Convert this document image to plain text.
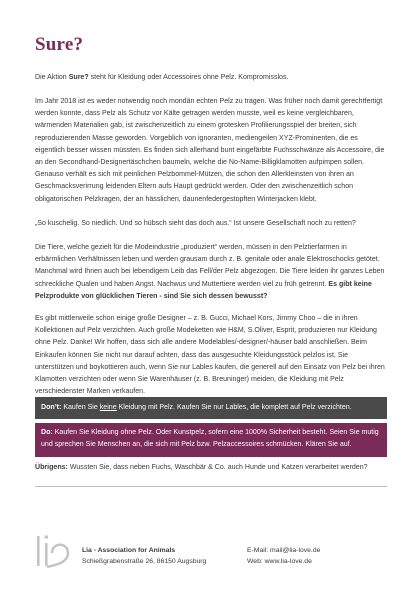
Sure?

Die Aktion Sure? steht für Kleidung oder Accessoires ohne Pelz. Kompromisslos.

Im Jahr 2018 ist es weder notwendig noch mondän echten Pelz zu tragen. Was früher noch damit gerechtfertigt werden konnte, dass Pelz als Schutz vor Kälte getragen werden musste, weil es keine vergleichbaren, wärmenden Materialien gab, ist zwischenzeitlich zu einem grotesken Profilierungsspiel der breiten, sich reproduzierenden Masse geworden. Vorgeblich von ignoranten, mediengeilen XYZ-Prominenten, die es eigentlich besser wissen müssten. Es finden sich allerhand bunt eingefärbte Fuchsschwänze als Accessoire, die an den Secondhand-Designertäschchen baumeln, welche die No-Name-Billigklamotten aufpimpen sollen. Genauso verhält es sich mit peinlichen Pelzbommel-Mützen, die schon den Allerkleinsten von ihren an Geschmacksverirrung leidenden Eltern aufs Haupt gedrückt werden. Oder den zwischenzeitlich schon obligatorischen Pelzkragen, der an hässlichen, daunenfedergestopften Winterjacken klebt.

„So kuschelig. So niedlich. Und so hübsch sieht das doch aus.“ Ist unsere Gesellschaft noch zu retten?

Die Tiere, welche gezielt für die Modeindustrie „produziert“ werden, müssen in den Pelztierfarmen in erbärmlichen Verhältnissen leben und werden grausam durch z. B. genitale oder anale Elektroschocks getötet. Manchmal wird Ihnen auch bei lebendigem Leib das Fell/der Pelz abgezogen. Die Tiere leiden ihr ganzes Leben schreckliche Qualen und haben Angst. Nachwus und Muttertiere werden viel zu früh getrennt. Es gibt keine Pelzprodukte von glücklichen Tieren - sind Sie sich dessen bewusst?

Es gibt mittlerweile schon einige große Designer – z. B. Gucci, Michael Kors, Jimmy Choo – die in ihren Kollektionen auf Pelz verzichten. Auch große Modeketten wie H&M, S.Oliver, Esprit, produzieren nur Kleidung ohne Pelz. Danke! Wir hoffen, dass sich alle andere Modelables/-designer/-häuser bald anschließen. Beim Einkaufen können Sie nicht nur darauf achten, dass das ausgesuchte Kleidungsstück pelzlos ist, Sie unterstützen und boykottieren auch, wenn Sie nur Lables kaufen, die generell auf den Einsatz von Pelz bei ihren Klamotten verzichten oder wenn Sie Warenhäuser (z. B. Breuninger) meiden, die Kleidung mit Pelz verschiedenster Marken verkaufen.

Don’t: Kaufen Sie keine Kleidung mit Pelz. Kaufen Sie nur Lables, die komplett auf Pelz verzichten.
Do: Kaufen Sie Kleidung ohne Pelz. Oder Kunstpelz, sofern eine 1000% Sicherheit besteht. Seien Sie mutig und sprechen Sie Menschen an, die sich mit Pelz bzw. Pelzaccessoires schmücken. Klären Sie auf.

Übrigens: Wussten Sie, dass neben Fuchs, Waschbär & Co. auch Hunde und Katzen verarbeitet werden?

Lia - Association for Animals
Schießgrabenstraße 26, 86150 Augsburg
E-Mail: mail@lia-love.de
Web: www.lia-love.de
